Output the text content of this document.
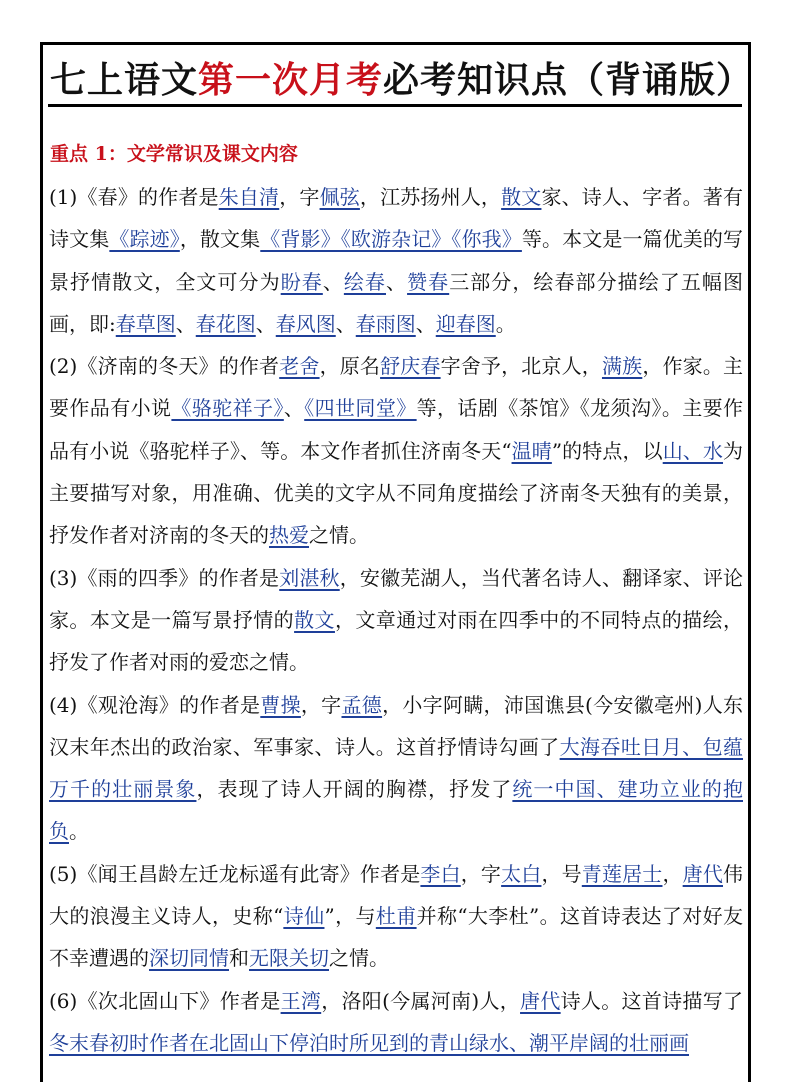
七上语文第一次月考必考知识点（背诵版）
重点 1：文学常识及课文内容

(1)《春》的作者是朱自清，字佩弦，江苏扬州人，散文家、诗人、字者。著有诗文集《踪迹》，散文集《背影》《欧游杂记》《你我》等。本文是一篇优美的写景抒情散文，全文可分为盼春、绘春、赞春三部分，绘春部分描绘了五幅图画，即:春草图、春花图、春风图、春雨图、迎春图。

(2)《济南的冬天》的作者老舍，原名舒庆春字舍予，北京人，满族，作家。主要作品有小说《骆驼祥子》、《四世同堂》等，话剧《茶馆》《龙须沟》。主要作品有小说《骆驼样子》、等。本文作者抓住济南冬天“温晴”的特点，以山、水为主要描写对象，用准确、优美的文字从不同角度描绘了济南冬天独有的美景，抒发作者对济南的冬天的热爱之情。

(3)《雨的四季》的作者是刘湛秋，安徽芜湖人，当代著名诗人、翻译家、评论家。本文是一篇写景抒情的散文，文章通过对雨在四季中的不同特点的描绘，抒发了作者对雨的爱恋之情。

(4)《观沧海》的作者是曹操，字孟德，小字阿瞒，沛国谯县(今安徽亳州)人东汉末年杰出的政治家、军事家、诗人。这首抒情诗勾画了大海吞吐日月、包蕴万千的壮丽景象，表现了诗人开阔的胸襟，抒发了统一中国、建功立业的抱负。

(5)《闻王昌龄左迁龙标遥有此寄》作者是李白，字太白，号青莲居士，唐代伟大的浪漫主义诗人，史称“诗仙”，与杜甫并称“大李杜”。这首诗表达了对好友不幸遭遇的深切同情和无限关切之情。

(6)《次北固山下》作者是王湾，洛阳(今属河南)人，唐代诗人。这首诗描写了冬末春初时作者在北固山下停泊时所见到的青山绿水、潮平岸阔的壮丽画
